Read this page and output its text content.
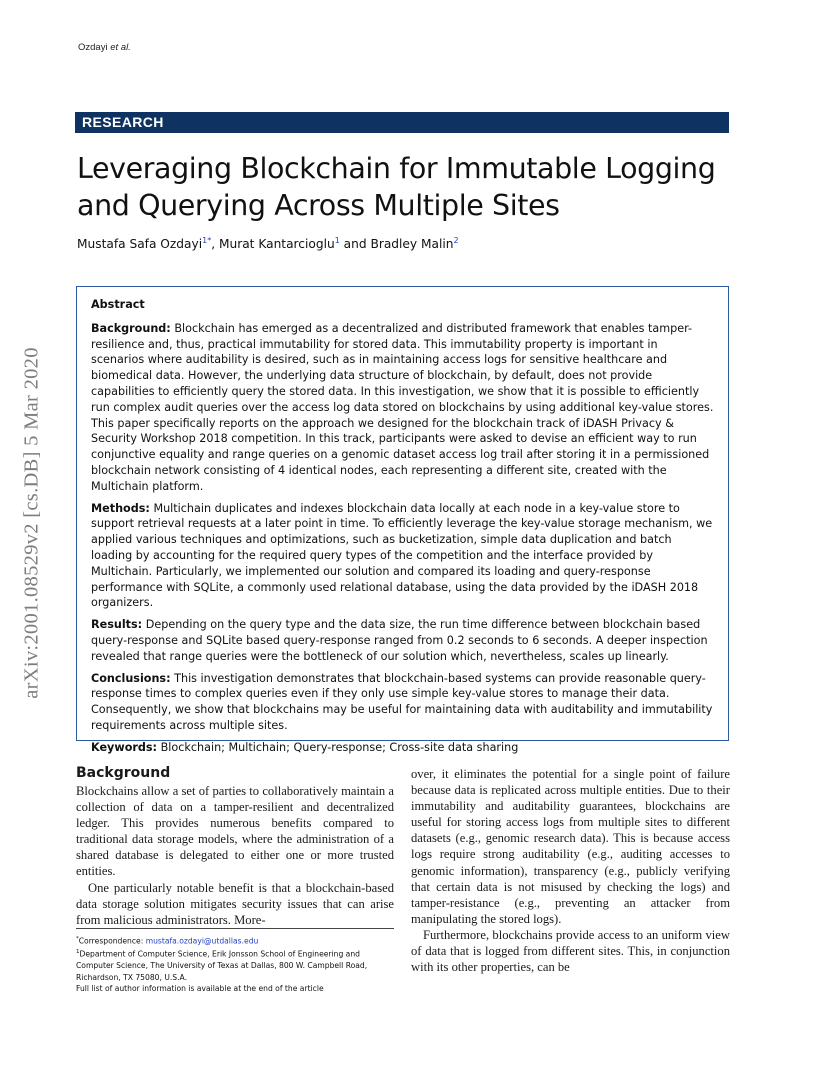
Ozdayi et al.
RESEARCH
Leveraging Blockchain for Immutable Logging and Querying Across Multiple Sites
Mustafa Safa Ozdayi$^{1*}$, Murat Kantarcioglu$^1$ and Bradley Malin$^2$
arXiv:2001.08529v2 [cs.DB] 5 Mar 2020
Abstract

Background: Blockchain has emerged as a decentralized and distributed framework that enables tamper-resilience and, thus, practical immutability for stored data. This immutability property is important in scenarios where auditability is desired, such as in maintaining access logs for sensitive healthcare and biomedical data. However, the underlying data structure of blockchain, by default, does not provide capabilities to efficiently query the stored data. In this investigation, we show that it is possible to efficiently run complex audit queries over the access log data stored on blockchains by using additional key-value stores. This paper specifically reports on the approach we designed for the blockchain track of iDASH Privacy & Security Workshop 2018 competition. In this track, participants were asked to devise an efficient way to run conjunctive equality and range queries on a genomic dataset access log trail after storing it in a permissioned blockchain network consisting of 4 identical nodes, each representing a different site, created with the Multichain platform.

Methods: Multichain duplicates and indexes blockchain data locally at each node in a key-value store to support retrieval requests at a later point in time. To efficiently leverage the key-value storage mechanism, we applied various techniques and optimizations, such as bucketization, simple data duplication and batch loading by accounting for the required query types of the competition and the interface provided by Multichain. Particularly, we implemented our solution and compared its loading and query-response performance with SQLite, a commonly used relational database, using the data provided by the iDASH 2018 organizers.

Results: Depending on the query type and the data size, the run time difference between blockchain based query-response and SQLite based query-response ranged from 0.2 seconds to 6 seconds. A deeper inspection revealed that range queries were the bottleneck of our solution which, nevertheless, scales up linearly.

Conclusions: This investigation demonstrates that blockchain-based systems can provide reasonable query-response times to complex queries even if they only use simple key-value stores to manage their data. Consequently, we show that blockchains may be useful for maintaining data with auditability and immutability requirements across multiple sites.

Keywords: Blockchain; Multichain; Query-response; Cross-site data sharing

Background

Blockchains allow a set of parties to collaboratively maintain a collection of data on a tamper-resilient and decentralized ledger. This provides numerous benefits compared to traditional data storage models, where the administration of a shared database is delegated to either one or more trusted entities.

One particularly notable benefit is that a blockchain-based data storage solution mitigates security issues that can arise from malicious administrators. More-

over, it eliminates the potential for a single point of failure because data is replicated across multiple entities. Due to their immutability and auditability guarantees, blockchains are useful for storing access logs from multiple sites to different datasets (e.g., genomic research data). This is because access logs require strong auditability (e.g., auditing accesses to genomic information), transparency (e.g., publicly verifying that certain data is not misused by checking the logs) and tamper-resistance (e.g., preventing an attacker from manipulating the stored logs).

Furthermore, blockchains provide access to an uniform view of data that is logged from different sites. This, in conjunction with its other properties, can be

*Correspondence: mustafa.ozdayi@utdallas.edu
$^1$Department of Computer Science, Erik Jonsson School of Engineering and Computer Science, The University of Texas at Dallas, 800 W. Campbell Road, Richardson, TX 75080, U.S.A.
Full list of author information is available at the end of the article
